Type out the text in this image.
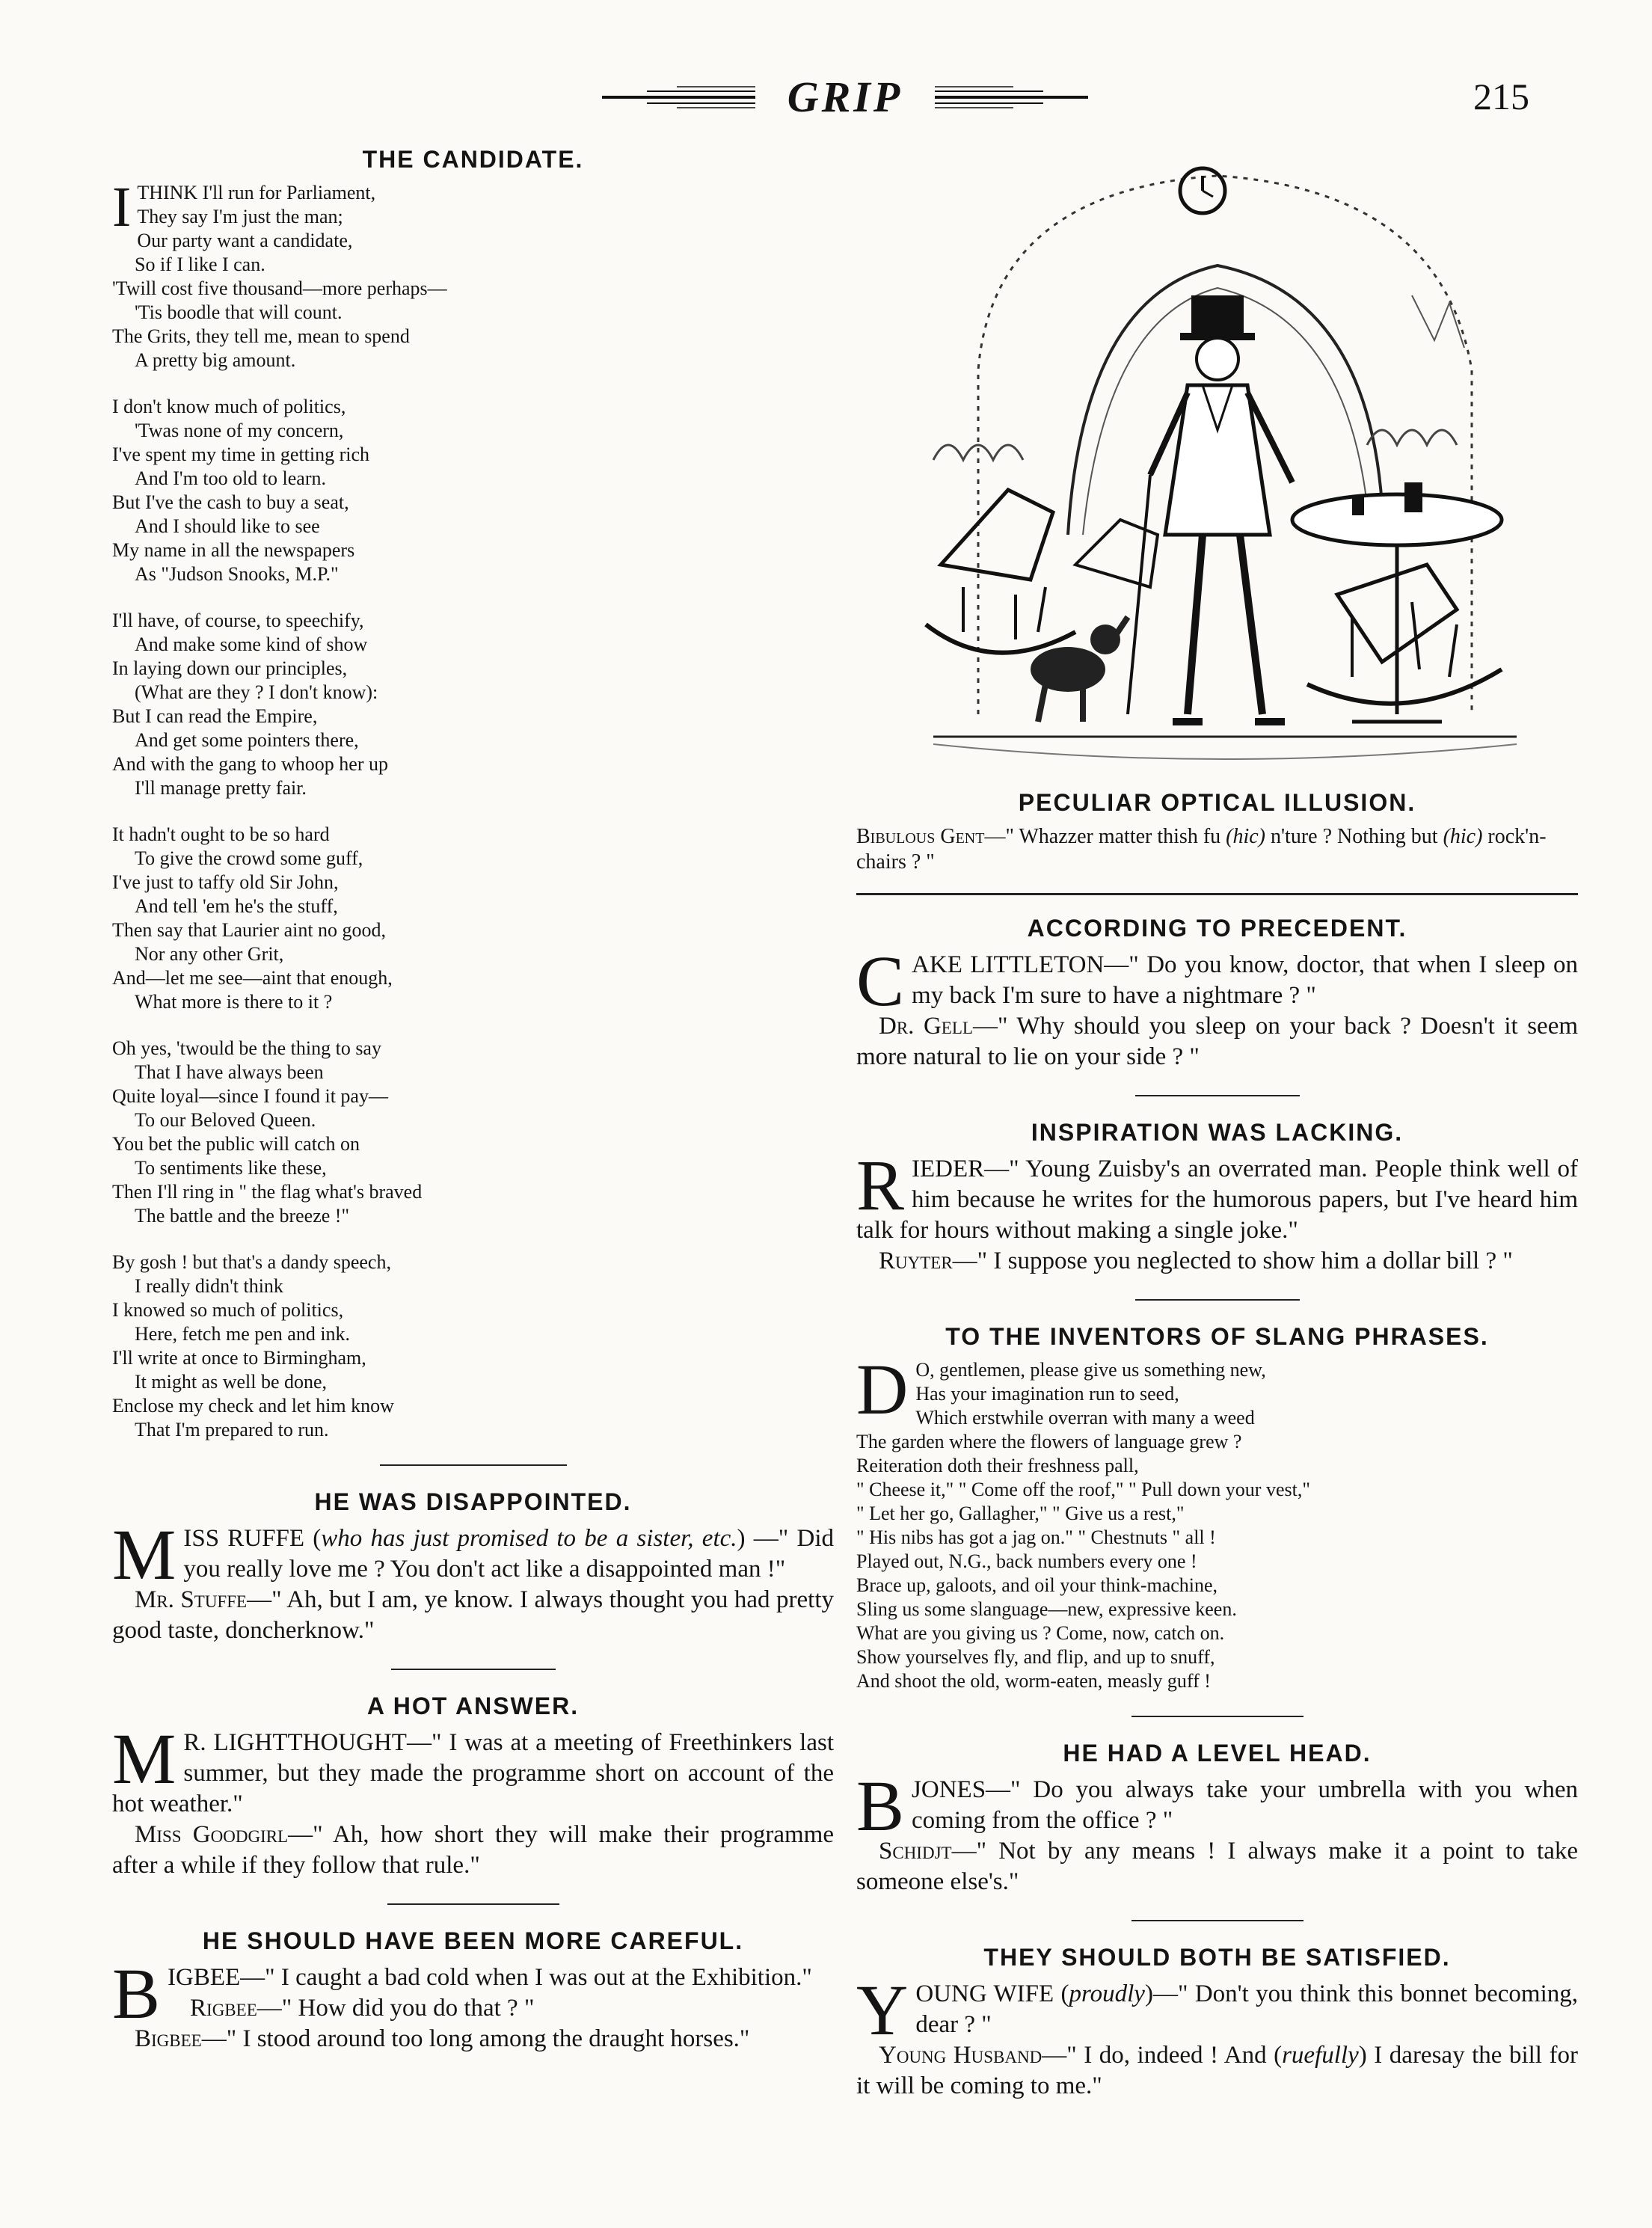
GRIP	215
THE CANDIDATE.
I THINK I'll run for Parliament,
They say I'm just the man;
Our party want a candidate,
So if I like I can.
'Twill cost five thousand—more perhaps—
'Tis boodle that will count.
The Grits, they tell me, mean to spend
A pretty big amount.
I don't know much of politics,
'Twas none of my concern,
I've spent my time in getting rich
And I'm too old to learn.
But I've the cash to buy a seat,
And I should like to see
My name in all the newspapers
As "Judson Snooks, M.P."
I'll have, of course, to speechify,
And make some kind of show
In laying down our principles,
(What are they ? I don't know):
But I can read the Empire,
And get some pointers there,
And with the gang to whoop her up
I'll manage pretty fair.
It hadn't ought to be so hard
To give the crowd some guff,
I've just to taffy old Sir John,
And tell 'em he's the stuff,
Then say that Laurier aint no good,
Nor any other Grit,
And—let me see—aint that enough,
What more is there to it ?
Oh yes, 'twould be the thing to say
That I have always been
Quite loyal—since I found it pay—
To our Beloved Queen.
You bet the public will catch on
To sentiments like these,
Then I'll ring in " the flag what's braved
The battle and the breeze !"
By gosh ! but that's a dandy speech,
I really didn't think
I knowed so much of politics,
Here, fetch me pen and ink.
I'll write at once to Birmingham,
It might as well be done,
Enclose my check and let him know
That I'm prepared to run.
HE WAS DISAPPOINTED.

MISS RUFFE (who has just promised to be a sister, etc.) —" Did you really love me ? You don't act like a disappointed man !"

Mr. Stuffe—" Ah, but I am, ye know. I always thought you had pretty good taste, doncherknow."

A HOT ANSWER.

M R. LIGHTTHOUGHT—" I was at a meeting of Freethinkers last summer, but they made the programme short on account of the hot weather."

Miss Goodgirl—" Ah, how short they will make their programme after a while if they follow that rule."

HE SHOULD HAVE BEEN MORE CAREFUL.

BIGBEE—" I caught a bad cold when I was out at the Exhibition."

Rigbee—" How did you do that ? "

Bigbee—" I stood around too long among the draught horses."

PECULIAR OPTICAL ILLUSION.
Bibulous Gent—" Whazzer matter thish fu (hic) n'ture ? Nothing but (hic) rock'n-chairs ? "
ACCORDING TO PRECEDENT.

CAKE LITTLETON—" Do you know, doctor, that when I sleep on my back I'm sure to have a nightmare ? "

Dr. Gell—" Why should you sleep on your back ? Doesn't it seem more natural to lie on your side ? "

INSPIRATION WAS LACKING.

RIEDER—" Young Zuisby's an overrated man. People think well of him because he writes for the humorous papers, but I've heard him talk for hours without making a single joke."

Ruyter—" I suppose you neglected to show him a dollar bill ? "

TO THE INVENTORS OF SLANG PHRASES.
D O, gentlemen, please give us something new,
Has your imagination run to seed,
Which erstwhile overran with many a weed
The garden where the flowers of language grew ?
Reiteration doth their freshness pall,
" Cheese it," " Come off the roof," " Pull down your vest,"
" Let her go, Gallagher," " Give us a rest,"
" His nibs has got a jag on." " Chestnuts " all !
Played out, N.G., back numbers every one !
Brace up, galoots, and oil your think-machine,
Sling us some slanguage—new, expressive keen.
What are you giving us ? Come, now, catch on.
Show yourselves fly, and flip, and up to snuff,
And shoot the old, worm-eaten, measly guff !
HE HAD A LEVEL HEAD.

BJONES—" Do you always take your umbrella with you when coming from the office ? "

Schidjt—" Not by any means ! I always make it a point to take someone else's."

THEY SHOULD BOTH BE SATISFIED.

YOUNG WIFE (proudly)—" Don't you think this bonnet becoming, dear ? "

Young Husband—" I do, indeed ! And (ruefully) I daresay the bill for it will be coming to me."
